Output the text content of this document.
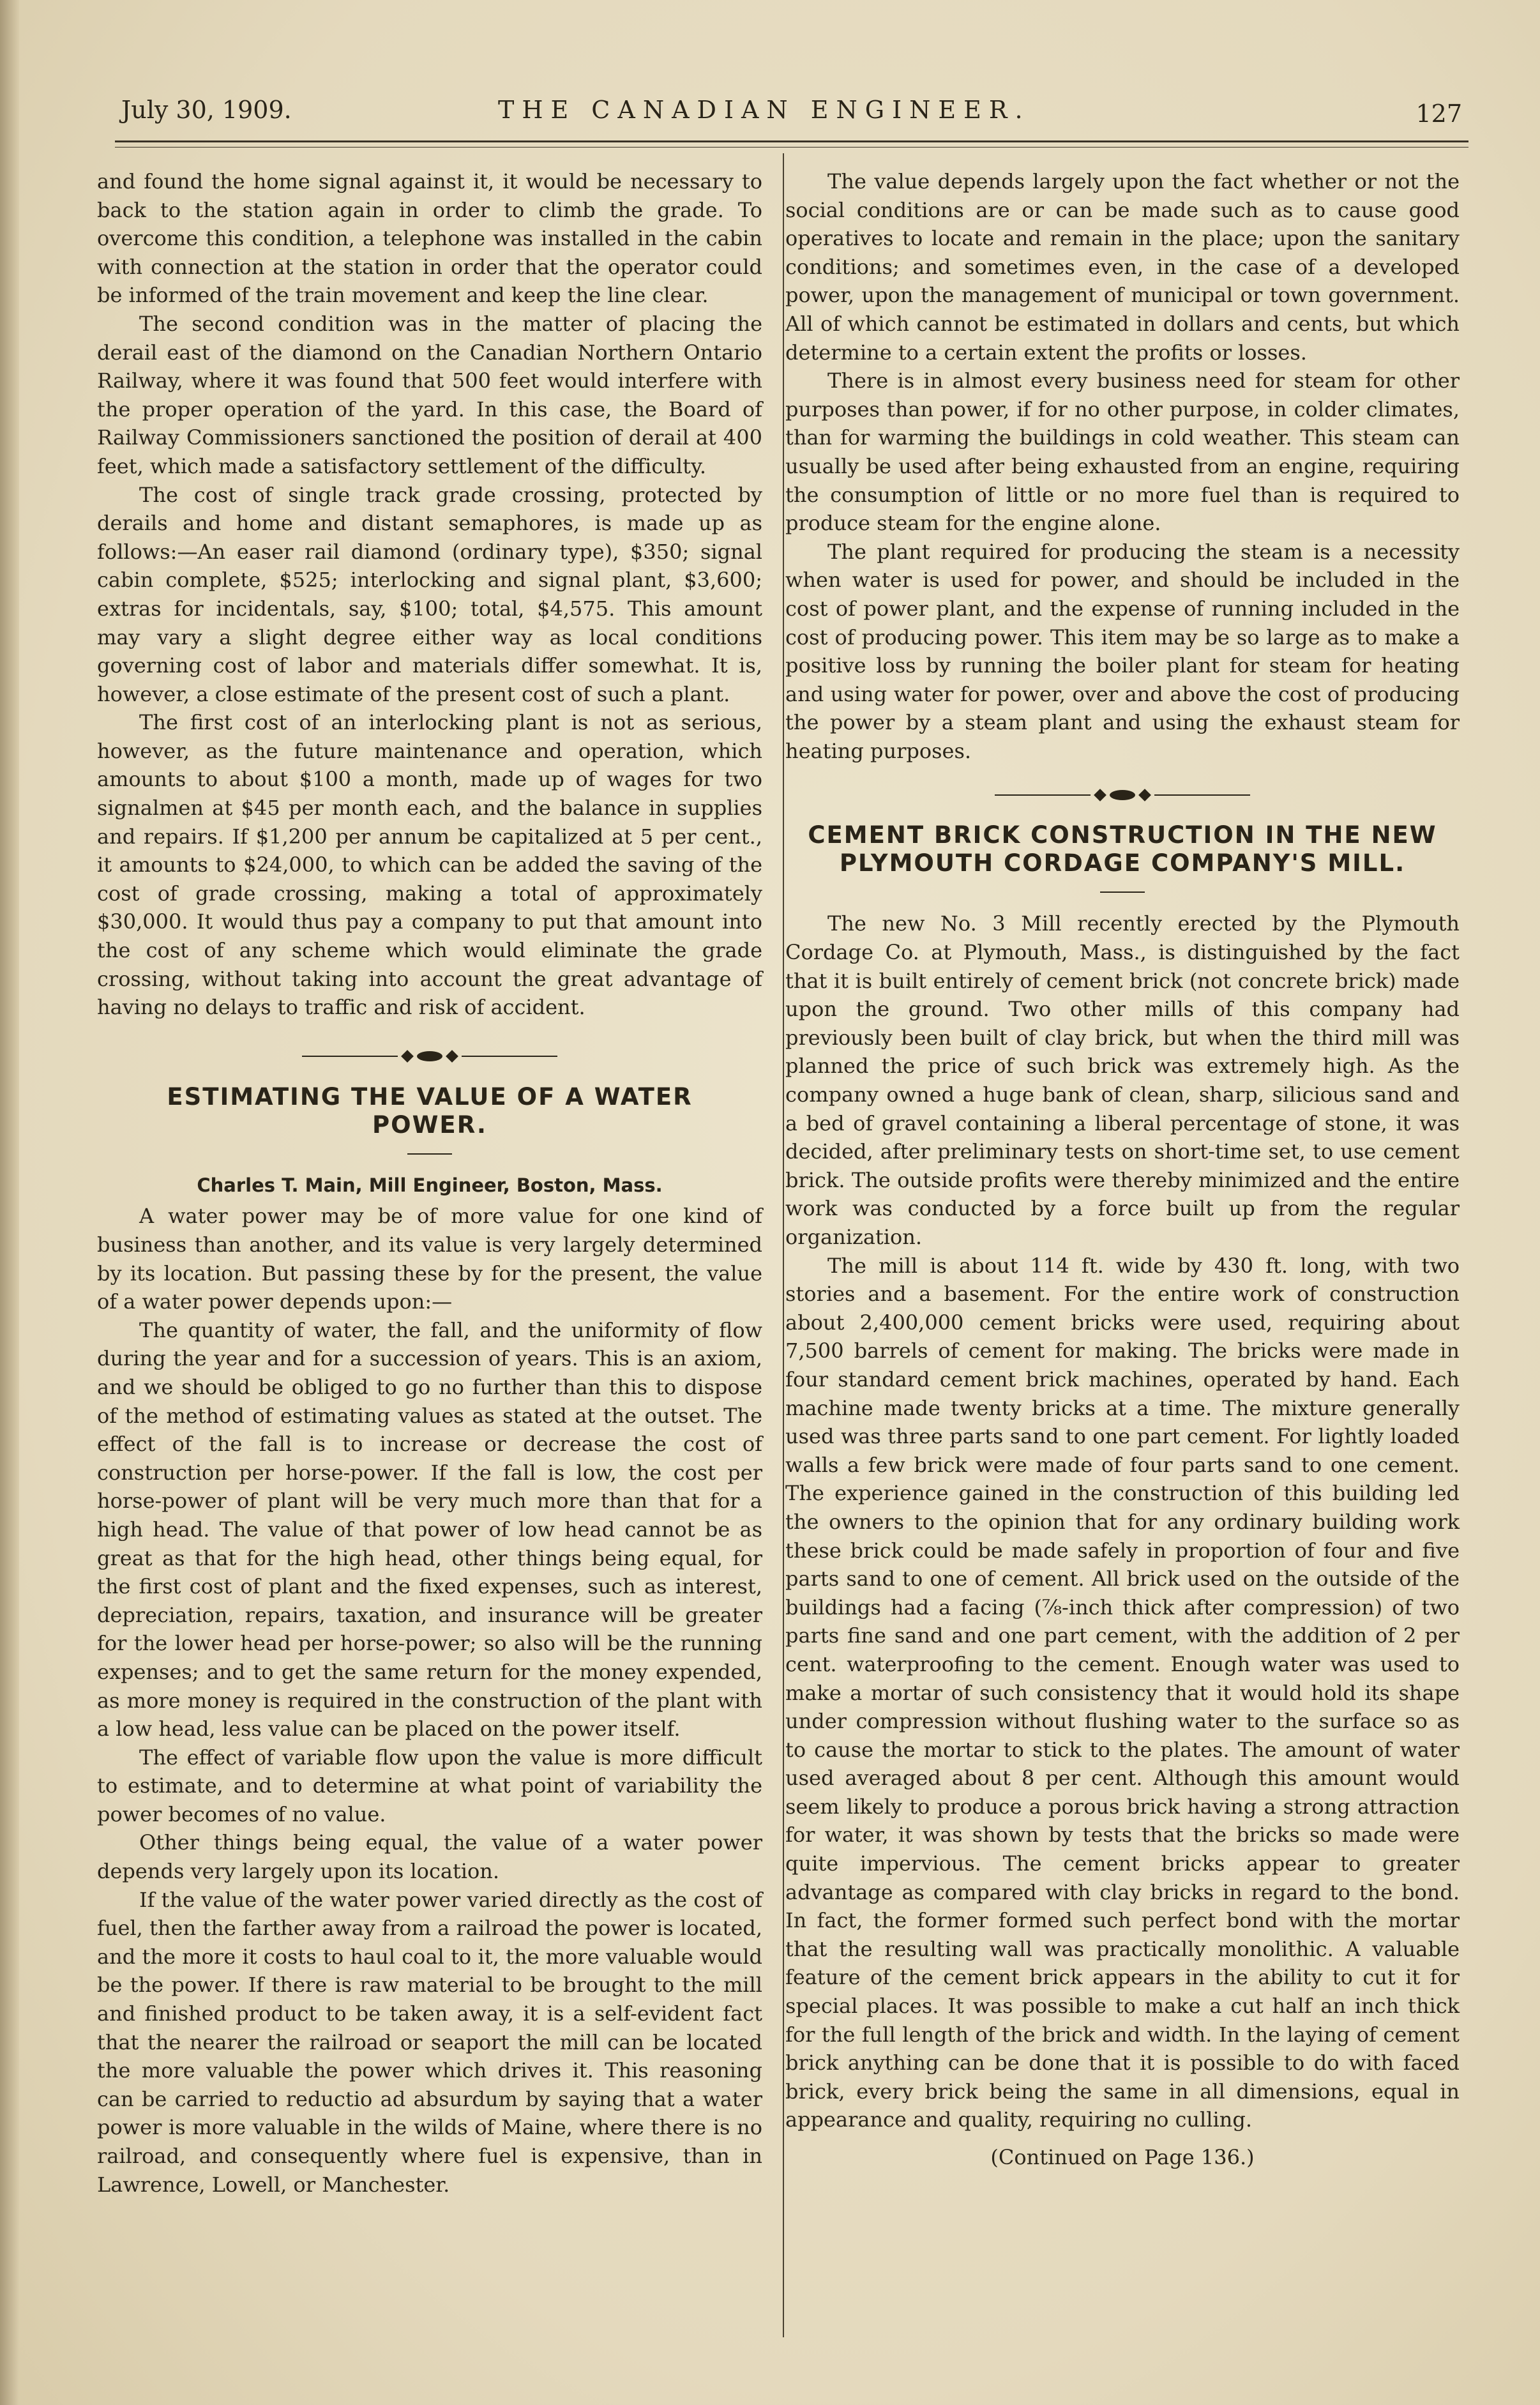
July 30, 1909.	THE CANADIAN ENGINEER.	127

and found the home signal against it, it would be necessary to back to the station again in order to climb the grade. To overcome this condition, a telephone was installed in the cabin with connection at the station in order that the operator could be informed of the train movement and keep the line clear.

The second condition was in the matter of placing the derail east of the diamond on the Canadian Northern Ontario Railway, where it was found that 500 feet would interfere with the proper operation of the yard. In this case, the Board of Railway Commissioners sanctioned the position of derail at 400 feet, which made a satisfactory settlement of the difficulty.

The cost of single track grade crossing, protected by derails and home and distant semaphores, is made up as follows:—An easer rail diamond (ordinary type), $350; signal cabin complete, $525; interlocking and signal plant, $3,600; extras for incidentals, say, $100; total, $4,575. This amount may vary a slight degree either way as local conditions governing cost of labor and materials differ somewhat. It is, however, a close estimate of the present cost of such a plant.

The first cost of an interlocking plant is not as serious, however, as the future maintenance and operation, which amounts to about $100 a month, made up of wages for two signalmen at $45 per month each, and the balance in supplies and repairs. If $1,200 per annum be capitalized at 5 per cent., it amounts to $24,000, to which can be added the saving of the cost of grade crossing, making a total of approximately $30,000. It would thus pay a company to put that amount into the cost of any scheme which would eliminate the grade crossing, without taking into account the great advantage of having no delays to traffic and risk of accident.

ESTIMATING THE VALUE OF A WATER POWER.
Charles T. Main, Mill Engineer, Boston, Mass.

A water power may be of more value for one kind of business than another, and its value is very largely determined by its location. But passing these by for the present, the value of a water power depends upon:—

The quantity of water, the fall, and the uniformity of flow during the year and for a succession of years. This is an axiom, and we should be obliged to go no further than this to dispose of the method of estimating values as stated at the outset. The effect of the fall is to increase or decrease the cost of construction per horse-power. If the fall is low, the cost per horse-power of plant will be very much more than that for a high head. The value of that power of low head cannot be as great as that for the high head, other things being equal, for the first cost of plant and the fixed expenses, such as interest, depreciation, repairs, taxation, and insurance will be greater for the lower head per horse-power; so also will be the running expenses; and to get the same return for the money expended, as more money is required in the construction of the plant with a low head, less value can be placed on the power itself.

The effect of variable flow upon the value is more difficult to estimate, and to determine at what point of variability the power becomes of no value.

Other things being equal, the value of a water power depends very largely upon its location.

If the value of the water power varied directly as the cost of fuel, then the farther away from a railroad the power is located, and the more it costs to haul coal to it, the more valuable would be the power. If there is raw material to be brought to the mill and finished product to be taken away, it is a self-evident fact that the nearer the railroad or seaport the mill can be located the more valuable the power which drives it. This reasoning can be carried to reductio ad absurdum by saying that a water power is more valuable in the wilds of Maine, where there is no railroad, and consequently where fuel is expensive, than in Lawrence, Lowell, or Manchester.

The value depends largely upon the fact whether or not the social conditions are or can be made such as to cause good operatives to locate and remain in the place; upon the sanitary conditions; and sometimes even, in the case of a developed power, upon the management of municipal or town government. All of which cannot be estimated in dollars and cents, but which determine to a certain extent the profits or losses.

There is in almost every business need for steam for other purposes than power, if for no other purpose, in colder climates, than for warming the buildings in cold weather. This steam can usually be used after being exhausted from an engine, requiring the consumption of little or no more fuel than is required to produce steam for the engine alone.

The plant required for producing the steam is a necessity when water is used for power, and should be included in the cost of power plant, and the expense of running included in the cost of producing power. This item may be so large as to make a positive loss by running the boiler plant for steam for heating and using water for power, over and above the cost of producing the power by a steam plant and using the exhaust steam for heating purposes.

CEMENT BRICK CONSTRUCTION IN THE NEW PLYMOUTH CORDAGE COMPANY'S MILL.

The new No. 3 Mill recently erected by the Plymouth Cordage Co. at Plymouth, Mass., is distinguished by the fact that it is built entirely of cement brick (not concrete brick) made upon the ground. Two other mills of this company had previously been built of clay brick, but when the third mill was planned the price of such brick was extremely high. As the company owned a huge bank of clean, sharp, silicious sand and a bed of gravel containing a liberal percentage of stone, it was decided, after preliminary tests on short-time set, to use cement brick. The outside profits were thereby minimized and the entire work was conducted by a force built up from the regular organization.

The mill is about 114 ft. wide by 430 ft. long, with two stories and a basement. For the entire work of construction about 2,400,000 cement bricks were used, requiring about 7,500 barrels of cement for making. The bricks were made in four standard cement brick machines, operated by hand. Each machine made twenty bricks at a time. The mixture generally used was three parts sand to one part cement. For lightly loaded walls a few brick were made of four parts sand to one cement. The experience gained in the construction of this building led the owners to the opinion that for any ordinary building work these brick could be made safely in proportion of four and five parts sand to one of cement. All brick used on the outside of the buildings had a facing (⅞-inch thick after compression) of two parts fine sand and one part cement, with the addition of 2 per cent. waterproofing to the cement. Enough water was used to make a mortar of such consistency that it would hold its shape under compression without flushing water to the surface so as to cause the mortar to stick to the plates. The amount of water used averaged about 8 per cent. Although this amount would seem likely to produce a porous brick having a strong attraction for water, it was shown by tests that the bricks so made were quite impervious. The cement bricks appear to greater advantage as compared with clay bricks in regard to the bond. In fact, the former formed such perfect bond with the mortar that the resulting wall was practically monolithic. A valuable feature of the cement brick appears in the ability to cut it for special places. It was possible to make a cut half an inch thick for the full length of the brick and width. In the laying of cement brick anything can be done that it is possible to do with faced brick, every brick being the same in all dimensions, equal in appearance and quality, requiring no culling.

(Continued on Page 136.)
